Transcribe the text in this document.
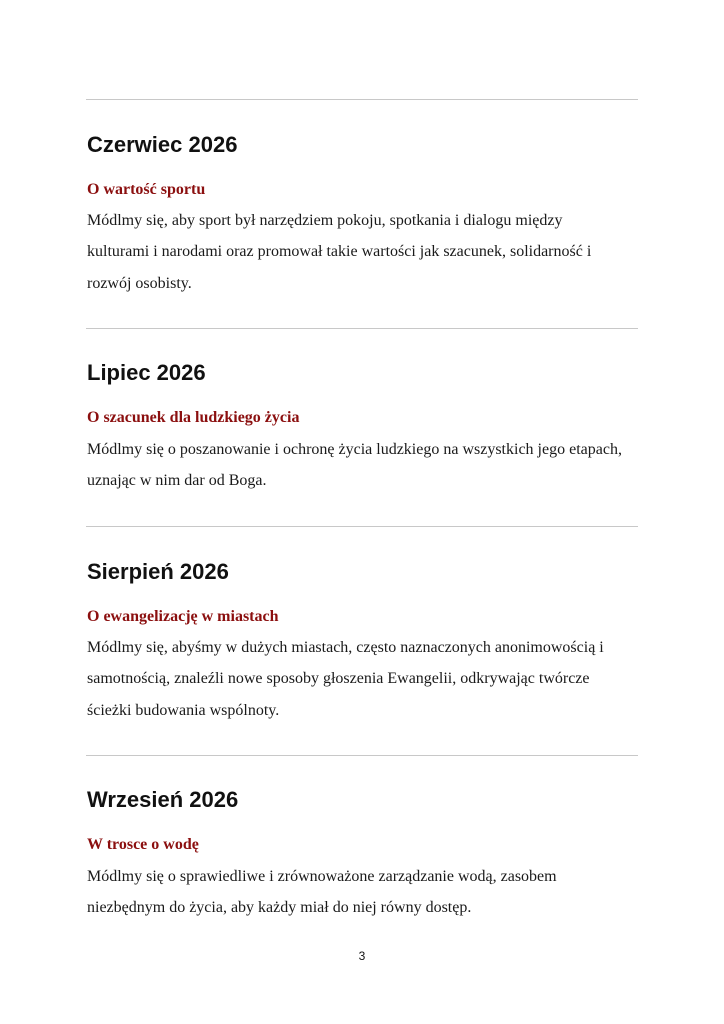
Czerwiec 2026
O wartość sportu

Módlmy się, aby sport był narzędziem pokoju, spotkania i dialogu między

kulturami i narodami oraz promował takie wartości jak szacunek, solidarność i

rozwój osobisty.

Lipiec 2026
O szacunek dla ludzkiego życia

Módlmy się o poszanowanie i ochronę życia ludzkiego na wszystkich jego etapach,

uznając w nim dar od Boga.

Sierpień 2026
O ewangelizację w miastach

Módlmy się, abyśmy w dużych miastach, często naznaczonych anonimowością i

samotnością, znaleźli nowe sposoby głoszenia Ewangelii, odkrywając twórcze

ścieżki budowania wspólnoty.

Wrzesień 2026
W trosce o wodę

Módlmy się o sprawiedliwe i zrównoważone zarządzanie wodą, zasobem

niezbędnym do życia, aby każdy miał do niej równy dostęp.

3
